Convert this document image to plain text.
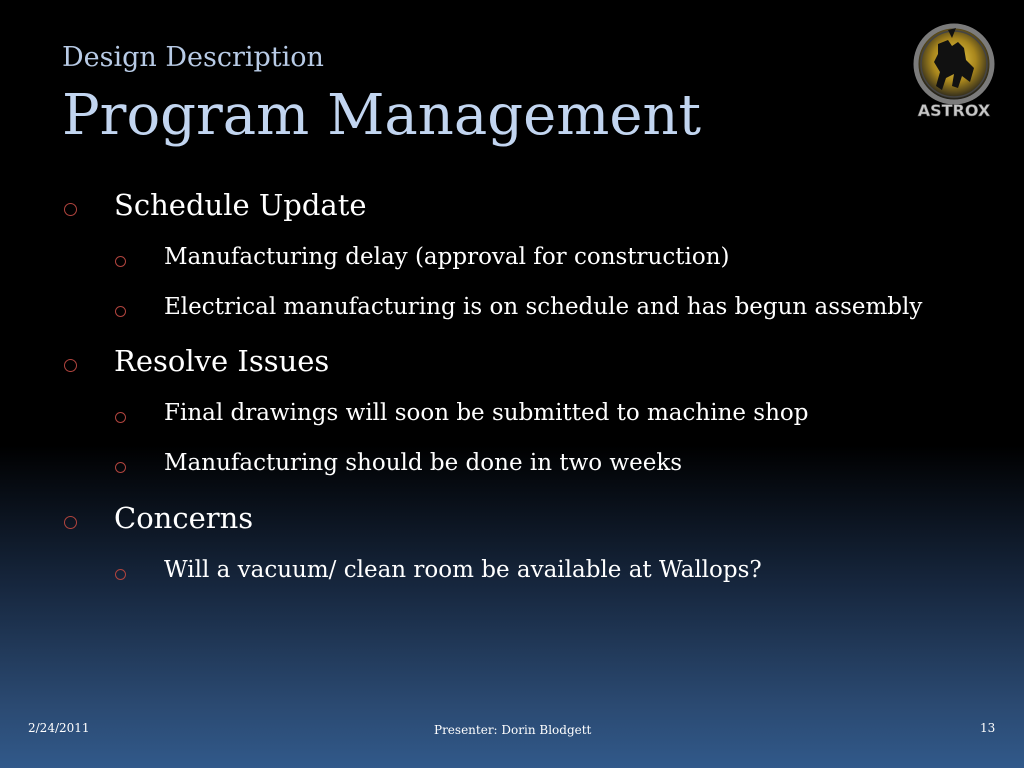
Design Description
Program Management	ASTROX
Schedule Update
Manufacturing delay (approval for construction)
Electrical manufacturing is on schedule and has begun assembly
Resolve Issues
Final drawings will soon be submitted to machine shop
Manufacturing should be done in two weeks
Concerns
Will a vacuum/ clean room be available at Wallops?
2/24/2011	Presenter: Dorin Blodgett	13
